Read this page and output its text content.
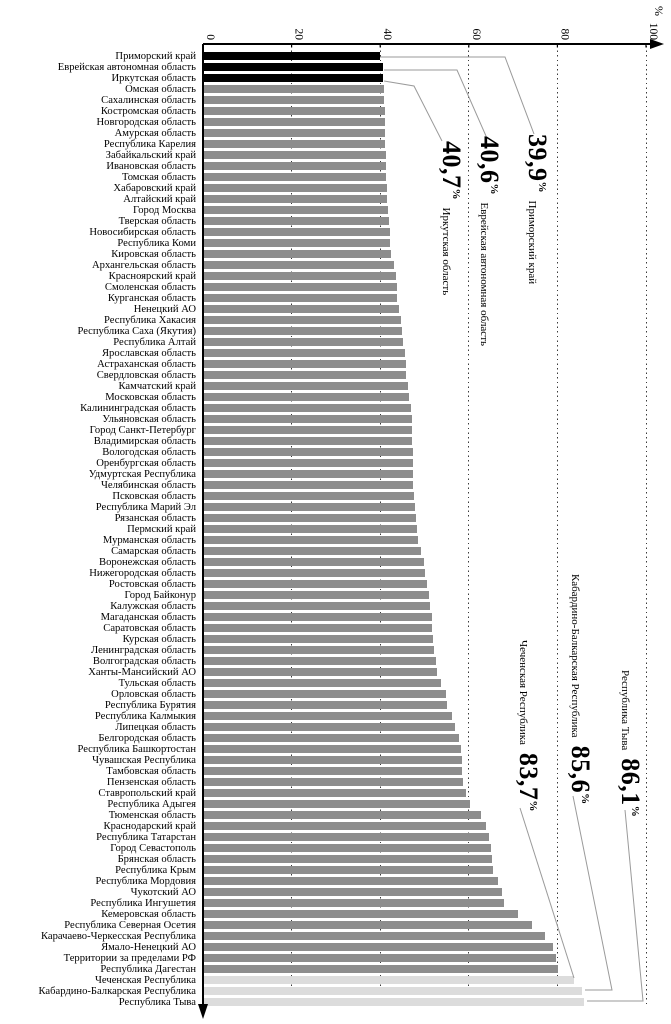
Приморский край
Еврейская автономная область
Иркутская область
Омская область
Сахалинская область
Костромская область
Новгородская область
Амурская область
Республика Карелия
Забайкальский край
Ивановская область
Томская область
Хабаровский край
Алтайский край
Город Москва
Тверская область
Новосибирская область
Республика Коми
Кировская область
Архангельская область
Красноярский край
Смоленская область
Курганская область
Ненецкий АО
Республика Хакасия
Республика Саха (Якутия)
Республика Алтай
Ярославская область
Астраханская область
Свердловская область
Камчатский край
Московская область
Калининградская область
Ульяновская область
Город Санкт-Петербург
Владимирская область
Вологодская область
Оренбургская область
Удмуртская Республика
Челябинская область
Псковская область
Республика Марий Эл
Рязанская область
Пермский край
Мурманская область
Самарская область
Воронежская область
Нижегородская область
Ростовская область
Город Байконур
Калужская область
Магаданская область
Саратовская область
Курская область
Ленинградская область
Волгоградская область
Ханты-Мансийский АО
Тульская область
Орловская область
Республика Бурятия
Республика Калмыкия
Липецкая область
Белгородская область
Республика Башкортостан
Чувашская Республика
Тамбовская область
Пензенская область
Ставропольский край
Республика Адыгея
Тюменская область
Краснодарский край
Республика Татарстан
Город Севастополь
Брянская область
Республика Крым
Республика Мордовия
Чукотский АО
Республика Ингушетия
Кемеровская область
Республика Северная Осетия
Карачаево-Черкесская Республика
Ямало-Ненецкий АО
Территории за пределами РФ
Республика Дагестан
Чеченская Республика
Кабардино-Балкарская Республика
Республика Тыва
0	20	40	60	80	100
%
39,9%Приморский край
40,6%Еврейская автономная область
40,7%Иркутская область
Чеченская Республика83,7%
Кабардино-Балкарская Республика85,6%
Республика Тыва86,1%
